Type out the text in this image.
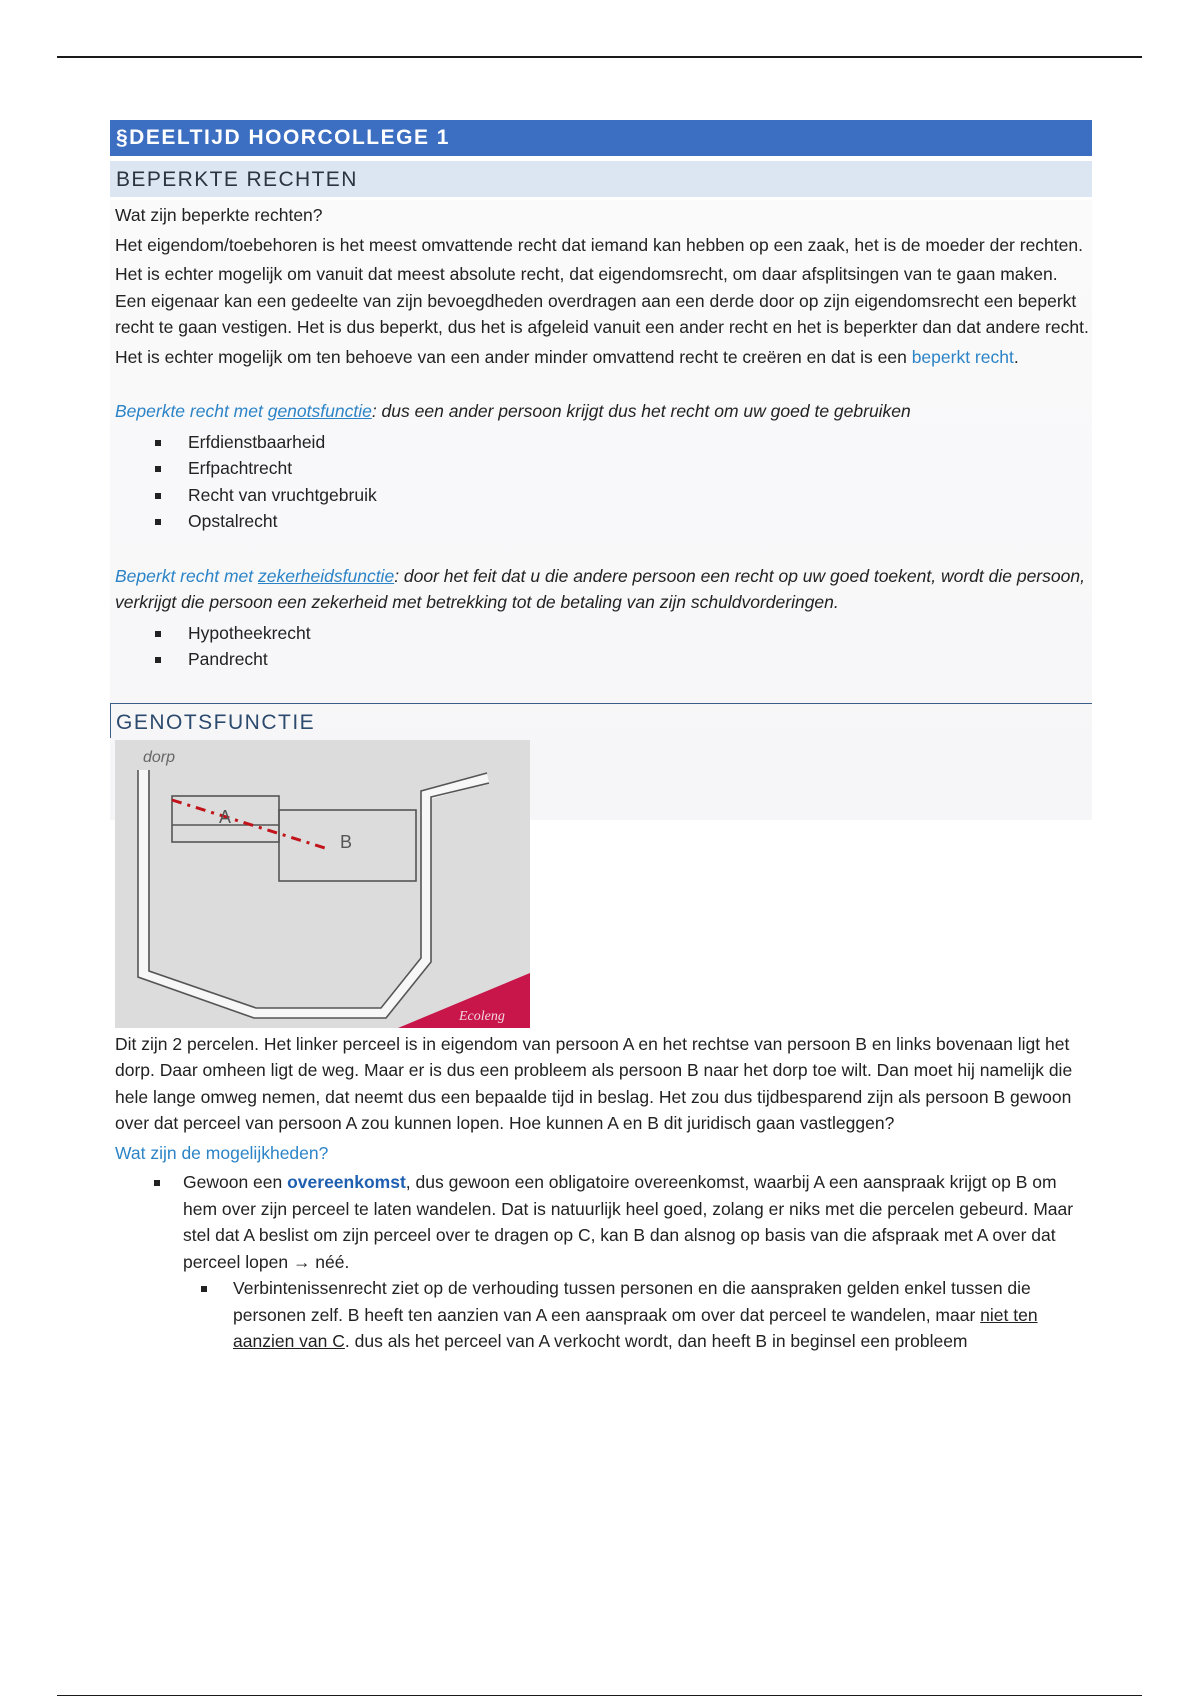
§DEELTIJD HOORCOLLEGE 1
BEPERKTE RECHTEN

Wat zijn beperkte rechten?

Het eigendom/toebehoren is het meest omvattende recht dat iemand kan hebben op een zaak, het is de moeder der rechten.

Het is echter mogelijk om vanuit dat meest absolute recht, dat eigendomsrecht, om daar afsplitsingen van te gaan maken. Een eigenaar kan een gedeelte van zijn bevoegdheden overdragen aan een derde door op zijn eigendomsrecht een beperkt recht te gaan vestigen. Het is dus beperkt, dus het is afgeleid vanuit een ander recht en het is beperkter dan dat andere recht.

Het is echter mogelijk om ten behoeve van een ander minder omvattend recht te creëren en dat is een beperkt recht.

Beperkte recht met genotsfunctie: dus een ander persoon krijgt dus het recht om uw goed te gebruiken

Erfdienstbaarheid
Erfpachtrecht
Recht van vruchtgebruik
Opstalrecht

Beperkt recht met zekerheidsfunctie: door het feit dat u die andere persoon een recht op uw goed toekent, wordt die persoon, verkrijgt die persoon een zekerheid met betrekking tot de betaling van zijn schuldvorderingen.

Hypotheekrecht
Pandrecht
GENOTSFUNCTIE
dorp
A
B
Ecoleng

Dit zijn 2 percelen. Het linker perceel is in eigendom van persoon A en het rechtse van persoon B en links bovenaan ligt het dorp. Daar omheen ligt de weg. Maar er is dus een probleem als persoon B naar het dorp toe wilt. Dan moet hij namelijk die hele lange omweg nemen, dat neemt dus een bepaalde tijd in beslag. Het zou dus tijdbesparend zijn als persoon B gewoon over dat perceel van persoon A zou kunnen lopen. Hoe kunnen A en B dit juridisch gaan vastleggen?

Wat zijn de mogelijkheden?

Gewoon een overeenkomst, dus gewoon een obligatoire overeenkomst, waarbij A een aanspraak krijgt op B om hem over zijn perceel te laten wandelen. Dat is natuurlijk heel goed, zolang er niks met die percelen gebeurd. Maar stel dat A beslist om zijn perceel over te dragen op C, kan B dan alsnog op basis van die afspraak met A over dat perceel lopen → néé.
Verbintenissenrecht ziet op de verhouding tussen personen en die aanspraken gelden enkel tussen die personen zelf. B heeft ten aanzien van A een aanspraak om over dat perceel te wandelen, maar niet ten aanzien van C. dus als het perceel van A verkocht wordt, dan heeft B in beginsel een probleem
